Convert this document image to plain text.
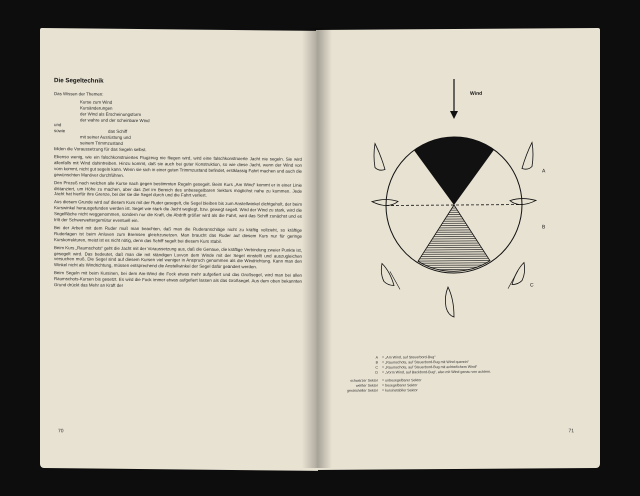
Die Segeltechnik
Das Wissen der Themen:
Kurse zum Wind
Kursänderungen
der Wind als Erscheinungsform
der wahre und der scheinbare Wind
und
sowie	das Schiff
mit seiner Ausrüstung und
seinem Trimmzustand
bilden die Voraussetzung für das Segeln selbst.
Ebenso wenig, wie ein falschkonstruiertes Flugzeug nie fliegen wird, wird eine falschkonstruierte Jacht nie segeln. Sie wird allenfalls mit Wind dahintreiben. Hinzu kommt, daß sie auch bei guter Konstruktion, so wie diese Jacht, wenn der Wind von vorn kommt, nicht gut segeln kann. Wenn sie sich in einer guten Trimmzustand befindet, erstklassig Fahrt machen und auch die gewünschten Manöver durchführen.
Den Prozeß nach welchen alle Kurse nach gegen bestimmten Regeln gesegelt. Beim Kurs „Am Wind“ kommt er in einer Linie distanziert, um Höhe zu machen, aber das Ziel im Bereich des unbesegelbaren Sektors möglichst nahe zu kommen. Jede Jacht hat hierfür ihre Grenze, bei der sie die Segel durch und die Fahrt verliert.
Aus diesem Grunde wird auf diesem Kurs mit der Ruder gesegelt, die Segel bleiben bis zum Anstellwinkel dichtgeholt, der beim Kurswinkel herausgefunden werden ist. Segel wie stark die Jacht weglegt, bzw. gewegt segelt. Wird der Wind zu stark, wird die Segelfläche nicht weggenommen, sondern nur die Kraft, die Abdrift größer wird als die Fahrt, wird das Schiff zunächst und es tritt der Schwerwettergemütur eventuell ein.
Bei der Arbeit mit dem Ruder muß man beachten, daß man die Ruderanschläge nicht zu kräftig vollzieht, so kräftige Ruderlagen ist beim Anluven zum Bremsen gleichzusetzen. Man braucht das Ruder auf diesem Kurs nur für geringe Kurskorrekturen, meist ist es nicht nötig, denn das Schiff segelt bei diesem Kurs stabil.
Beim Kurs „Raumschots“ geht die Jacht mit der Voraussetzung aus, daß die Genaue, die kräftige Verbindung zweier Punkte ist, gesegelt wird. Das bedeutet, daß man die mit ständigen Luvvon dem Winde mit der Segel einstellt und auszugleichen versuchen muß. Die Segel sind auf diesem Kursen viel weniger in Anspruch genommen als die Windrichtung. Kann man den Winkel nicht als Windrichtung, müssen entsprechend die Anstellwinkel der Segel dafür geändert werden.
Beim Segeln mit beim Kursinen, bei dem Am-Wind die Fock etwas mehr aufgefiert und das Großsegel, wird man bei allen Raumschots-Kursen bis gesetzt. Es wird die Fock immer etwas aufgefiert lassen als das Großsegel. Aus dem oben bekannten Grund drückt das Mehr an Kraft der
70
Wind
A
B
C
A	= „Am Wind, auf Steuerbord-Bug“
B	= „Raumschots, auf Steuerbord-Bug mit Wind querein“
C	= „Raumschots, auf Steuerbord-Bug mit achterlichem Wind“
D	= „Vorm Wind, auf Backbord-Bug“, also mit Wind genau von achtern.
schwarzer Sektor	= unbesegelbarer Sektor
weißer Sektor	= besegelbarer Sektor
gestrichelter Sektor	= kursinstabiler Sektor
71
